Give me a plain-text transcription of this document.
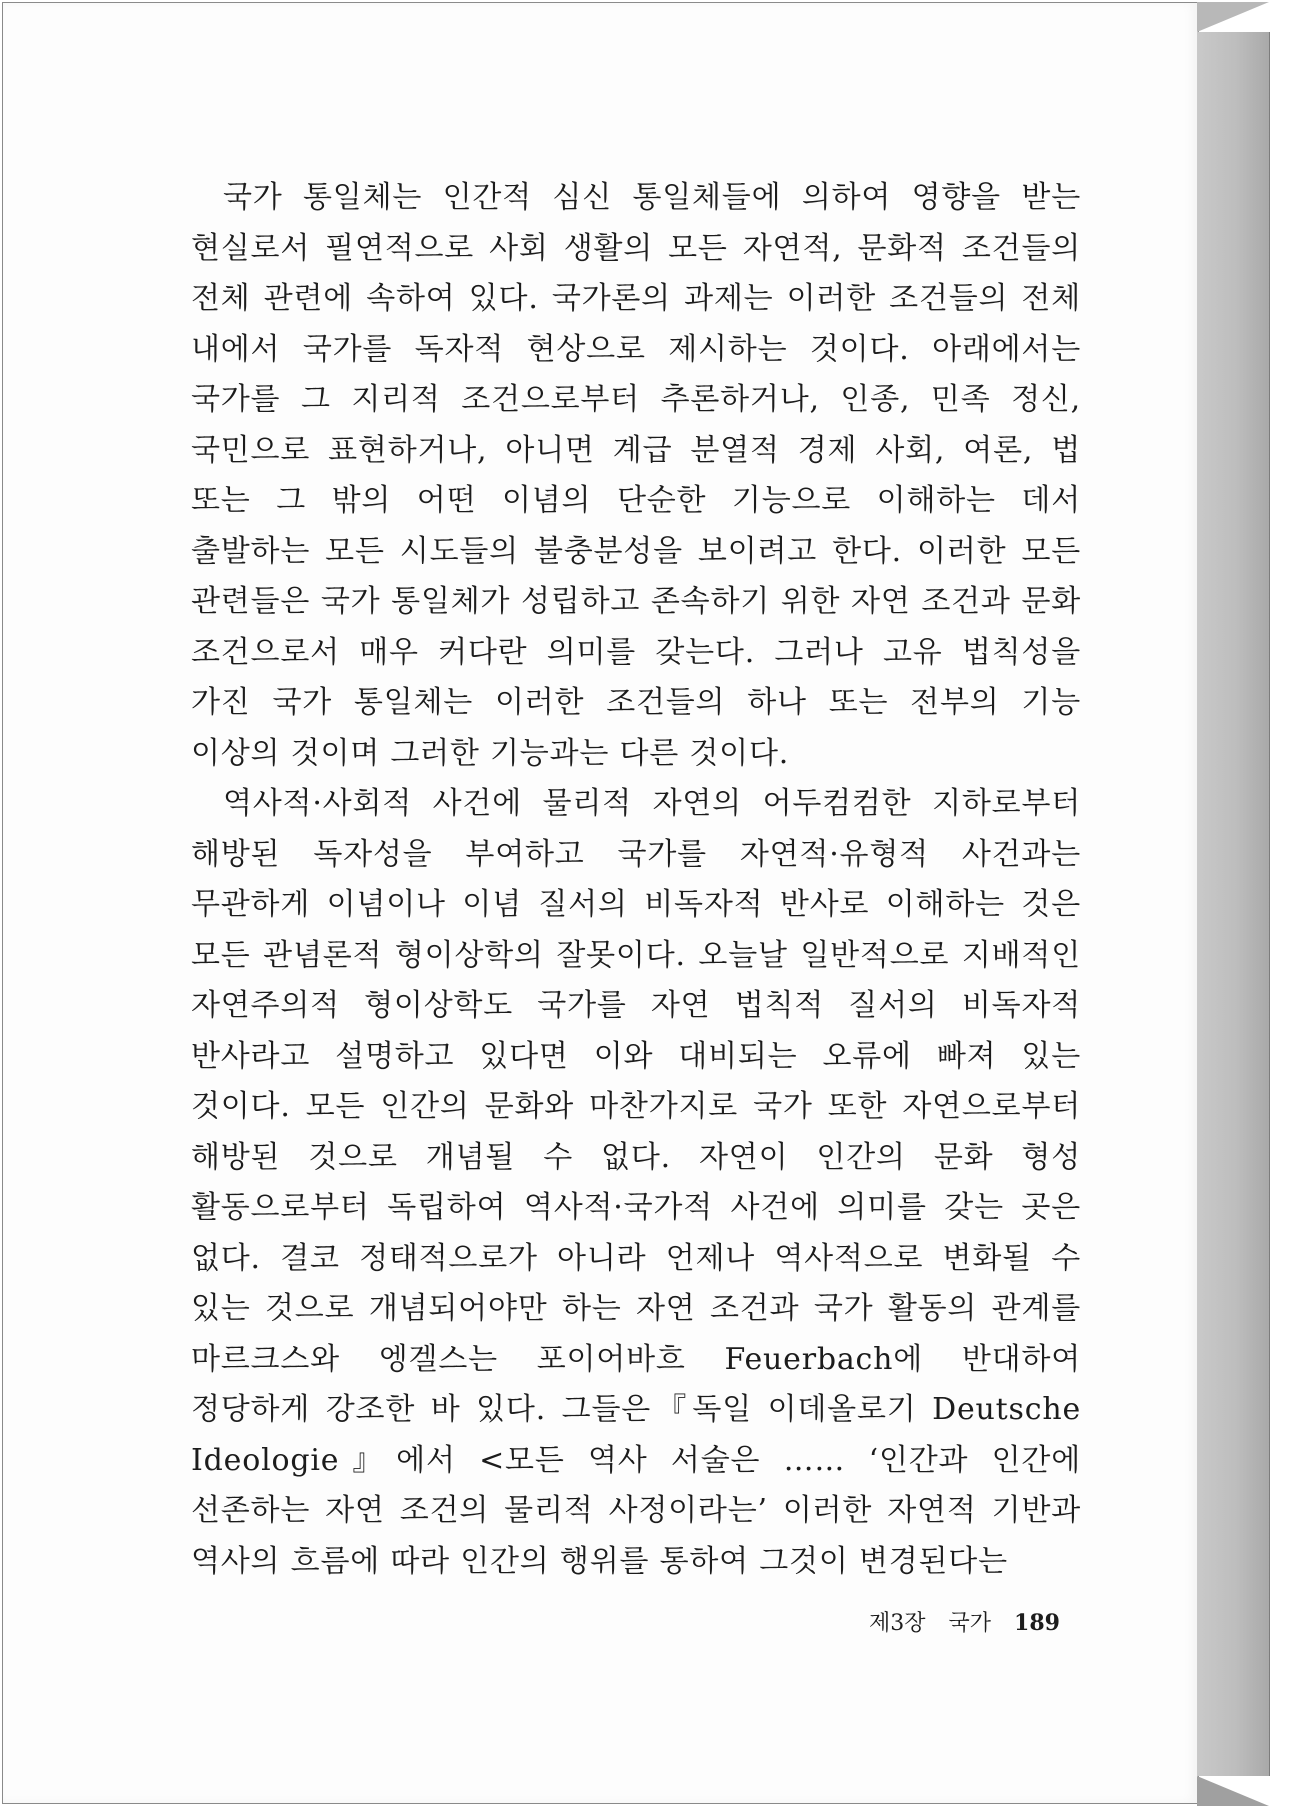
국가 통일체는 인간적 심신 통일체들에 의하여 영향을 받는 현실로서 필연적으로 사회 생활의 모든 자연적, 문화적 조건들의 전체 관련에 속하여 있다. 국가론의 과제는 이러한 조건들의 전체 내에서 국가를 독자적 현상으로 제시하는 것이다. 아래에서는 국가를 그 지리적 조건으로부터 추론하거나, 인종, 민족 정신, 국민으로 표현하거나, 아니면 계급 분열적 경제 사회, 여론, 법 또는 그 밖의 어떤 이념의 단순한 기능으로 이해하는 데서 출발하는 모든 시도들의 불충분성을 보이려고 한다. 이러한 모든 관련들은 국가 통일체가 성립하고 존속하기 위한 자연 조건과 문화 조건으로서 매우 커다란 의미를 갖는다. 그러나 고유 법칙성을 가진 국가 통일체는 이러한 조건들의 하나 또는 전부의 기능 이상의 것이며 그러한 기능과는 다른 것이다.

역사적·사회적 사건에 물리적 자연의 어두컴컴한 지하로부터 해방된 독자성을 부여하고 국가를 자연적·유형적 사건과는 무관하게 이념이나 이념 질서의 비독자적 반사로 이해하는 것은 모든 관념론적 형이상학의 잘못이다. 오늘날 일반적으로 지배적인 자연주의적 형이상학도 국가를 자연 법칙적 질서의 비독자적 반사라고 설명하고 있다면 이와 대비되는 오류에 빠져 있는 것이다. 모든 인간의 문화와 마찬가지로 국가 또한 자연으로부터 해방된 것으로 개념될 수 없다. 자연이 인간의 문화 형성 활동으로부터 독립하여 역사적·국가적 사건에 의미를 갖는 곳은 없다. 결코 정태적으로가 아니라 언제나 역사적으로 변화될 수 있는 것으로 개념되어야만 하는 자연 조건과 국가 활동의 관계를 마르크스와 엥겔스는 포이어바흐 Feuerbach에 반대하여 정당하게 강조한 바 있다. 그들은『독일 이데올로기 Deutsche Ideologie』에서 <모든 역사 서술은 …… ‘인간과 인간에 선존하는 자연 조건의 물리적 사정이라는’ 이러한 자연적 기반과 역사의 흐름에 따라 인간의 행위를 통하여 그것이 변경된다는

제3장 국가 189
